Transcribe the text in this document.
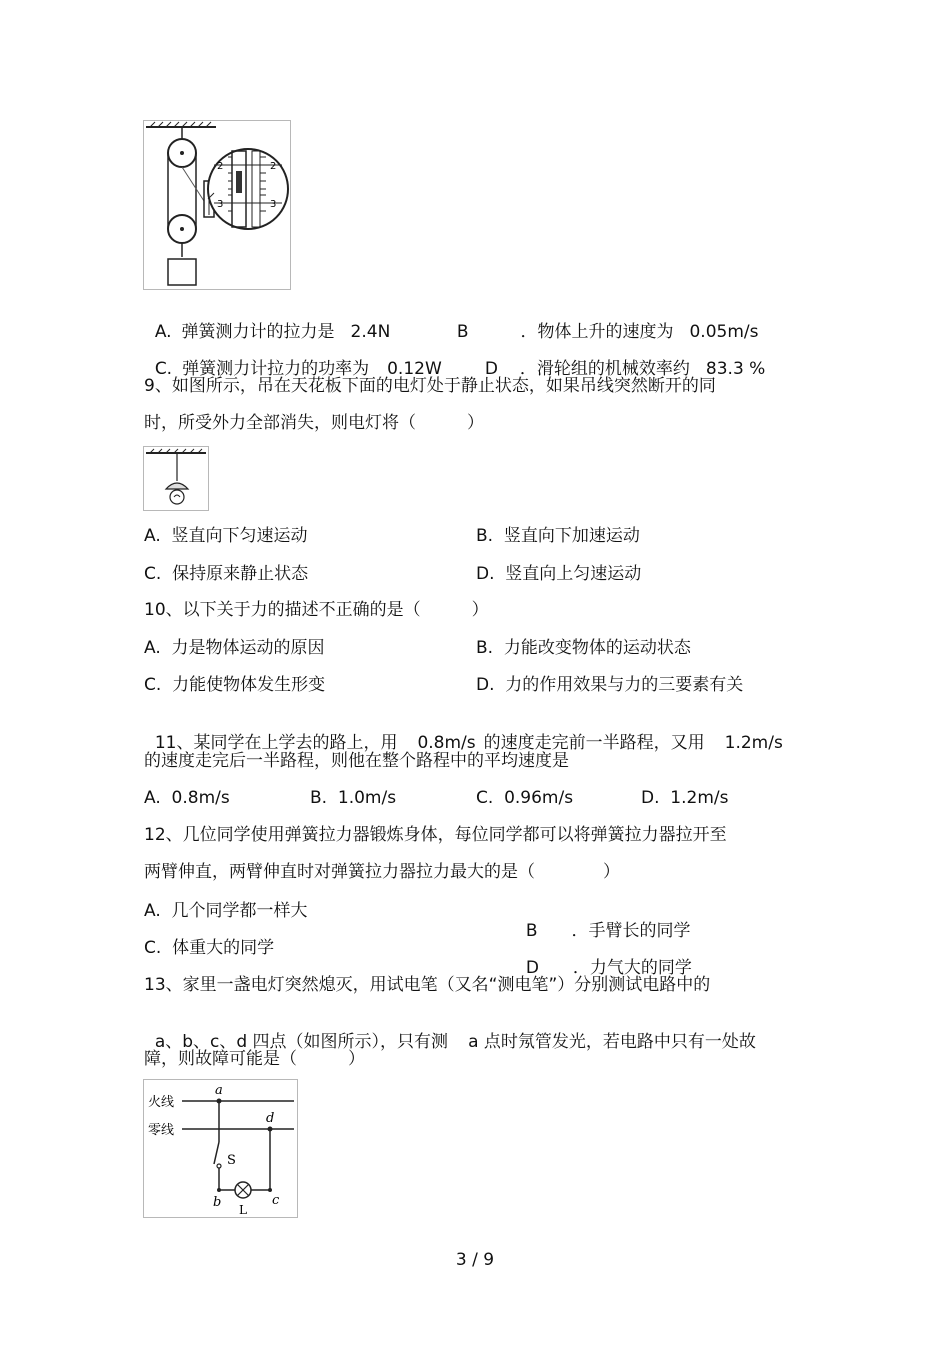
2
3
2
3

A. 弹簧测力计的拉力是 2.4N	B	．物体上升的速度为 0.05m/s

C. 弹簧测力计拉力的功率为 0.12W	D ．滑轮组的机械效率约 83.3 %

9、如图所示，吊在天花板下面的电灯处于静止状态，如果吊线突然断开的同
时，所受外力全部消失，则电灯将（　　　）
A.  竖直向下匀速运动	B.  竖直向下加速运动
C.  保持原来静止状态	D.  竖直向上匀速运动
10、以下关于力的描述不正确的是（　　　）
A.  力是物体运动的原因	B.  力能改变物体的运动状态
C.  力能使物体发生形变	D.  力的作用效果与力的三要素有关

11、某同学在上学去的路上，用 0.8m/s 的速度走完前一半路程，又用 1.2m/s

的速度走完后一半路程，则他在整个路程中的平均速度是
A.  0.8m/s	B.  1.0m/s	C.  0.96m/s	D.  1.2m/s
12、几位同学使用弹簧拉力器锻炼身体，每位同学都可以将弹簧拉力器拉开至
两臂伸直，两臂伸直时对弹簧拉力器拉力最大的是（　　　　）
A.  几个同学都一样大

B ．手臂长的同学

C.  体重大的同学

D ．力气大的同学

13、家里一盏电灯突然熄灭，用试电笔（又名“测电笔”）分别测试电路中的

a、b、c、d 四点（如图所示），只有测 a 点时氖管发光，若电路中只有一处故

障，则故障可能是（　　　）
火线
零线
a
d
S
b	c
L
3 / 9
